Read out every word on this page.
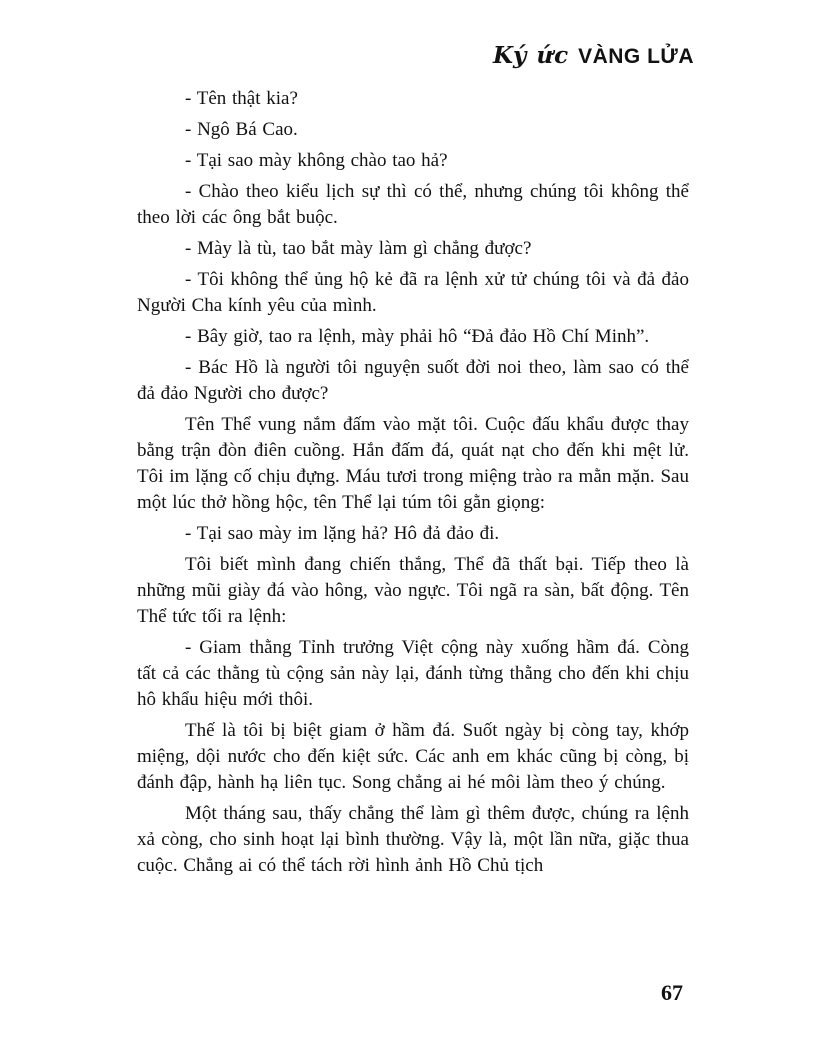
Ký ức VÀNG LỬA

- Tên thật kia?

- Ngô Bá Cao.

- Tại sao mày không chào tao hả?

- Chào theo kiểu lịch sự thì có thể, nhưng chúng tôi không thể theo lời các ông bắt buộc.

- Mày là tù, tao bắt mày làm gì chẳng được?

- Tôi không thể ủng hộ kẻ đã ra lệnh xử tử chúng tôi và đả đảo Người Cha kính yêu của mình.

- Bây giờ, tao ra lệnh, mày phải hô “Đả đảo Hồ Chí Minh”.

- Bác Hồ là người tôi nguyện suốt đời noi theo, làm sao có thể đả đảo Người cho được?

Tên Thể vung nắm đấm vào mặt tôi. Cuộc đấu khẩu được thay bằng trận đòn điên cuồng. Hắn đấm đá, quát nạt cho đến khi mệt lử. Tôi im lặng cố chịu đựng. Máu tươi trong miệng trào ra mằn mặn. Sau một lúc thở hồng hộc, tên Thể lại túm tôi gằn giọng:

- Tại sao mày im lặng hả? Hô đả đảo đi.

Tôi biết mình đang chiến thắng, Thể đã thất bại. Tiếp theo là những mũi giày đá vào hông, vào ngực. Tôi ngã ra sàn, bất động. Tên Thể tức tối ra lệnh:

- Giam thằng Tỉnh trưởng Việt cộng này xuống hầm đá. Còng tất cả các thằng tù cộng sản này lại, đánh từng thằng cho đến khi chịu hô khẩu hiệu mới thôi.

Thế là tôi bị biệt giam ở hầm đá. Suốt ngày bị còng tay, khớp miệng, dội nước cho đến kiệt sức. Các anh em khác cũng bị còng, bị đánh đập, hành hạ liên tục. Song chẳng ai hé môi làm theo ý chúng.

Một tháng sau, thấy chẳng thể làm gì thêm được, chúng ra lệnh xả còng, cho sinh hoạt lại bình thường. Vậy là, một lần nữa, giặc thua cuộc. Chẳng ai có thể tách rời hình ảnh Hồ Chủ tịch

67
